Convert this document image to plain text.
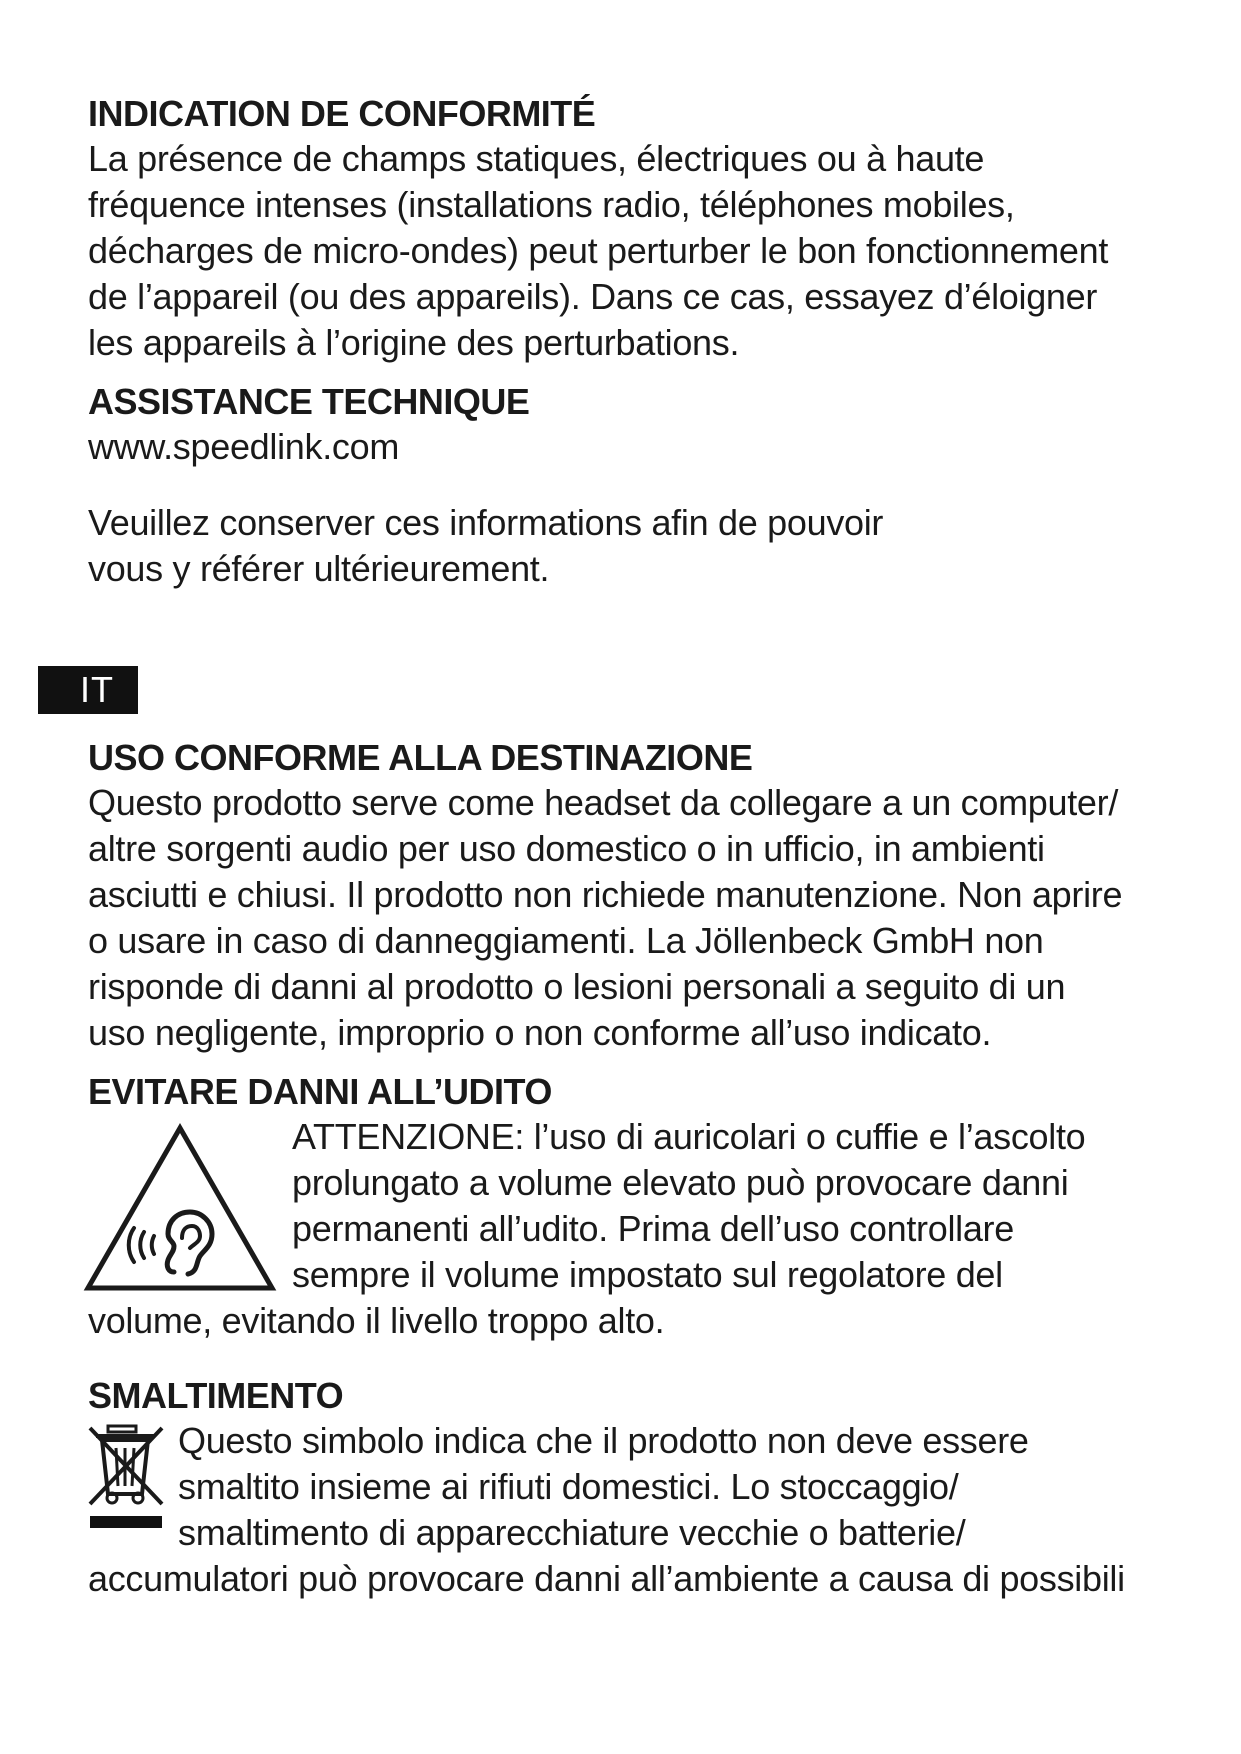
INDICATION DE CONFORMITÉ

La présence de champs statiques, électriques ou à haute
fréquence intenses (installations radio, téléphones mobiles,
décharges de micro-ondes) peut perturber le bon fonctionnement
de l’appareil (ou des appareils). Dans ce cas, essayez d’éloigner
les appareils à l’origine des perturbations.

ASSISTANCE TECHNIQUE

www.speedlink.com

Veuillez conserver ces informations afin de pouvoir
vous y référer ultérieurement.

IT
USO CONFORME ALLA DESTINAZIONE

Questo prodotto serve come headset da collegare a un computer/
altre sorgenti audio per uso domestico o in ufficio, in ambienti
asciutti e chiusi. Il prodotto non richiede manutenzione. Non aprire
o usare in caso di danneggiamenti. La Jöllenbeck GmbH non
risponde di danni al prodotto o lesioni personali a seguito di un
uso negligente, improprio o non conforme all’uso indicato.

EVITARE DANNI ALL’UDITO

ATTENZIONE: l’uso di auricolari o cuffie e l’ascolto
prolungato a volume elevato può provocare danni
permanenti all’udito. Prima dell’uso controllare
sempre il volume impostato sul regolatore del

volume, evitando il livello troppo alto.

SMALTIMENTO

Questo simbolo indica che il prodotto non deve essere
smaltito insieme ai rifiuti domestici. Lo stoccaggio/
smaltimento di apparecchiature vecchie o batterie/

accumulatori può provocare danni all’ambiente a causa di possibili
